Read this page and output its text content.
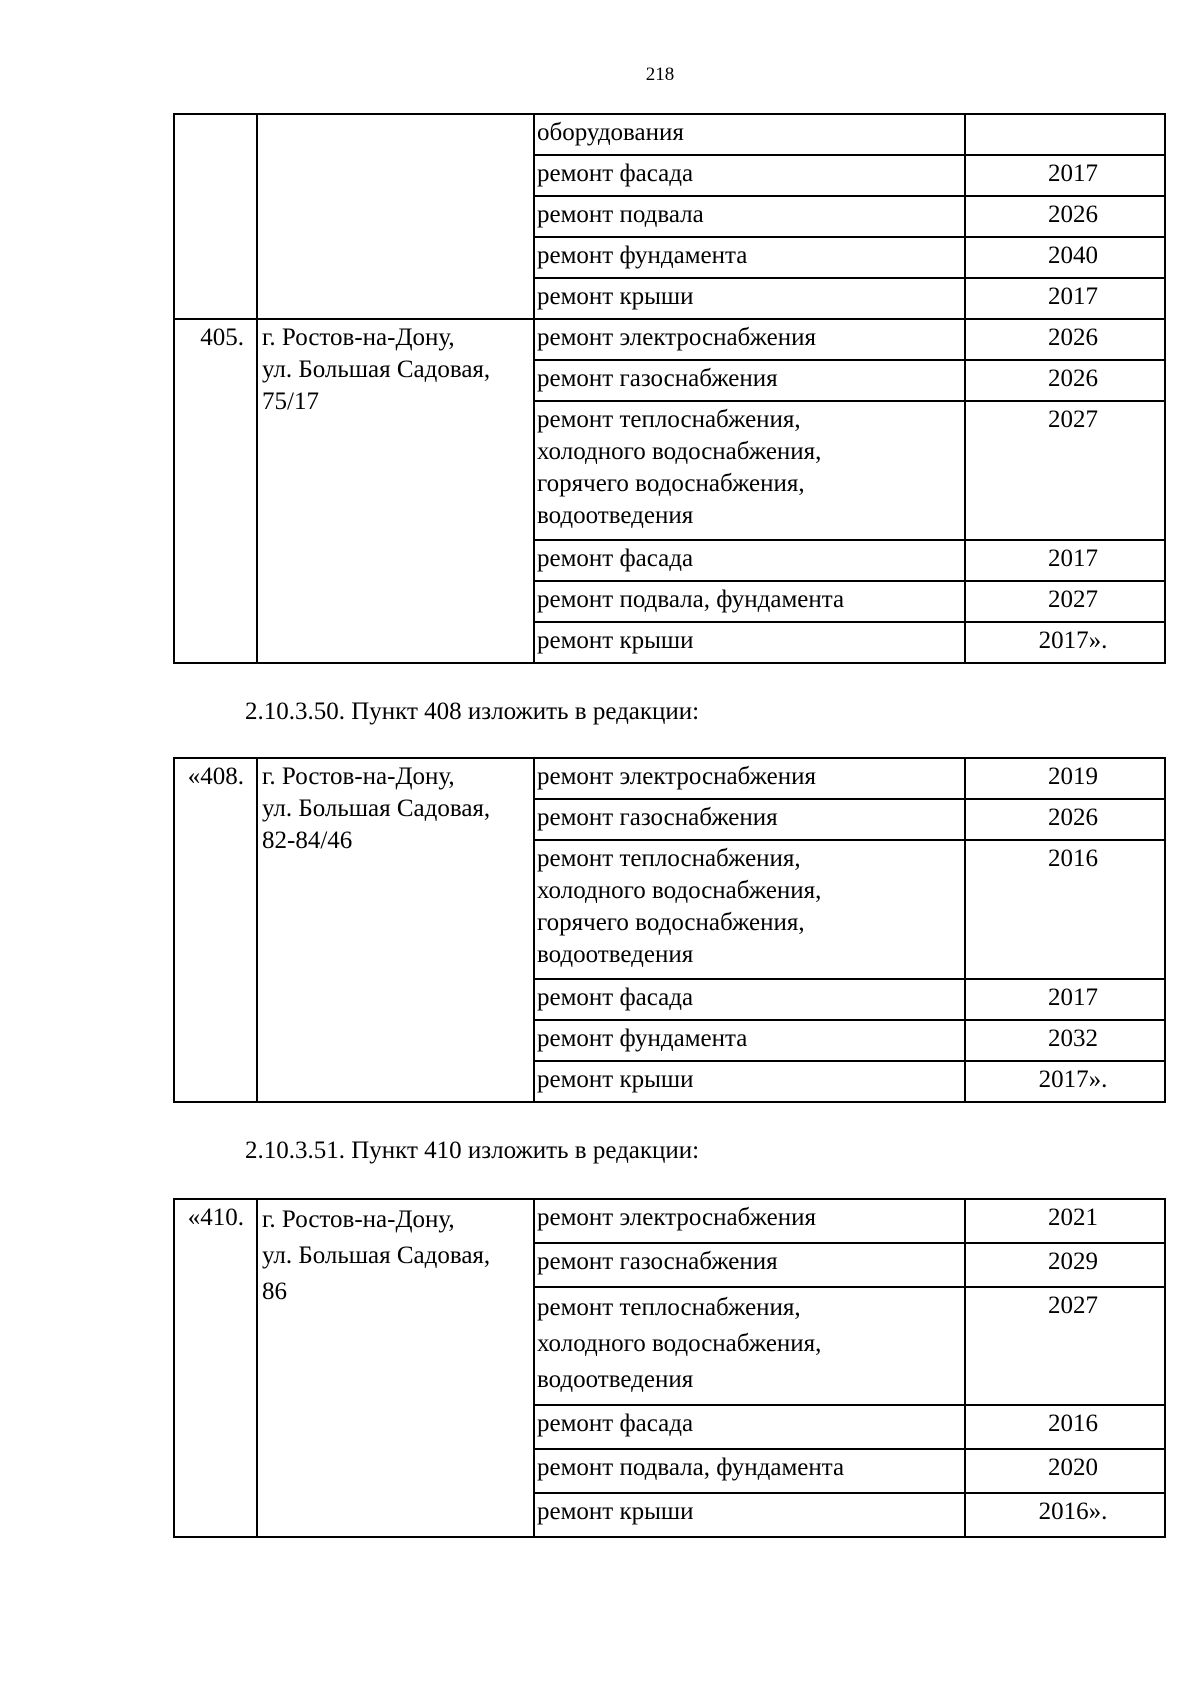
218
		оборудования	
		ремонт фасада	2017
		ремонт подвала	2026
		ремонт фундамента	2040
		ремонт крыши	2017
405.	г. Ростов-на-Дону,
ул. Большая Садовая,
75/17	ремонт электроснабжения	2026
		ремонт газоснабжения	2026

		ремонт теплоснабжения,
холодного водоснабжения,
горячего водоснабжения,
водоотведения	2027
		ремонт фасада	2017
		ремонт подвала, фундамента	2027
		ремонт крыши	2017».
2.10.3.50. Пункт 408 изложить в редакции:
«408.	г. Ростов-на-Дону,
ул. Большая Садовая,
82-84/46	ремонт электроснабжения	2019
		ремонт газоснабжения	2026

		ремонт теплоснабжения,
холодного водоснабжения,
горячего водоснабжения,
водоотведения	2016
		ремонт фасада	2017
		ремонт фундамента	2032
		ремонт крыши	2017».
2.10.3.51. Пункт 410 изложить в редакции:
«410.	г. Ростов-на-Дону,
ул. Большая Садовая,
86	ремонт электроснабжения	2021
		ремонт газоснабжения	2029

		ремонт теплоснабжения,
холодного водоснабжения,
водоотведения	2027
		ремонт фасада	2016
		ремонт подвала, фундамента	2020
		ремонт крыши	2016».
